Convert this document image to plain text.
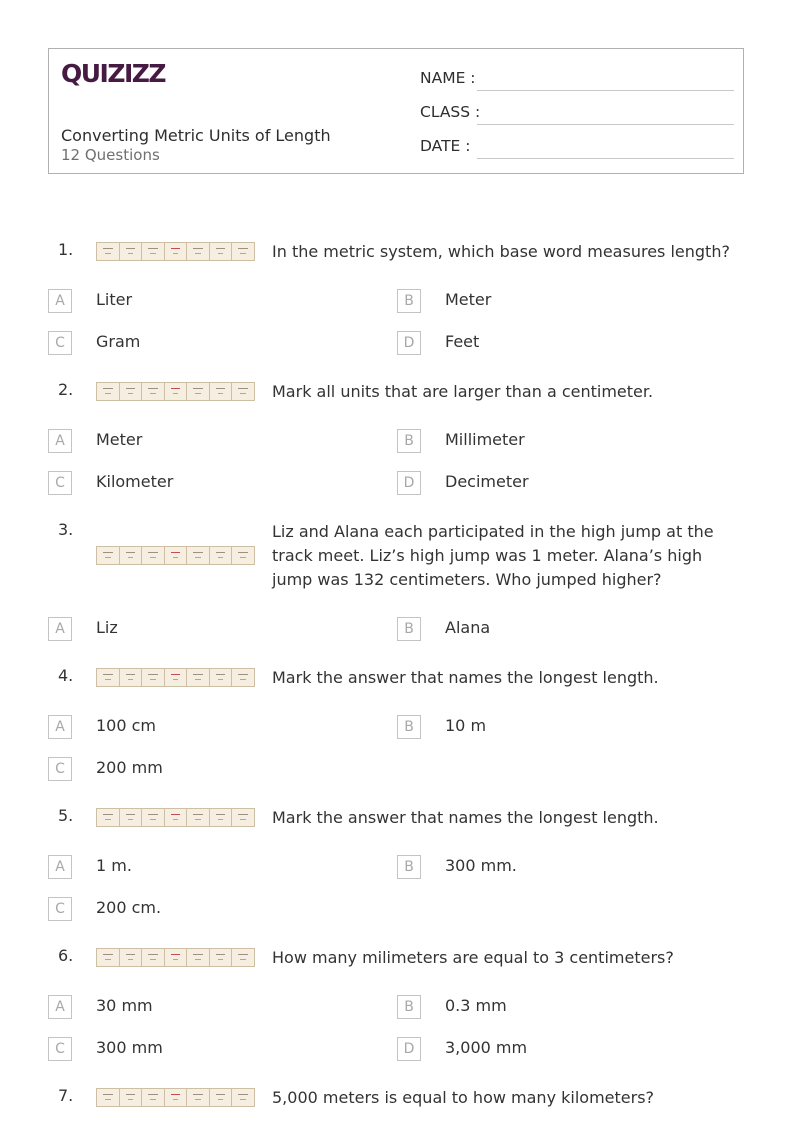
QUIZIZZ
Converting Metric Units of Length
12 Questions
NAME :
CLASS :
DATE :
1.	In the metric system, which base word measures length?
A	Liter	B	Meter
C	Gram	D	Feet
2.	Mark all units that are larger than a centimeter.
A	Meter	B	Millimeter
C	Kilometer	D	Decimeter
3.	Liz and Alana each participated in the high jump at the track meet. Liz’s high jump was 1 meter. Alana’s high jump was 132 centimeters. Who jumped higher?
A	Liz	B	Alana
4.	Mark the answer that names the longest length.
A	100 cm	B	10 m
C	200 mm
5.	Mark the answer that names the longest length.
A	1 m.	B	300 mm.
C	200 cm.
6.	How many milimeters are equal to 3 centimeters?
A	30 mm	B	0.3 mm
C	300 mm	D	3,000 mm
7.	5,000 meters is equal to how many kilometers?
